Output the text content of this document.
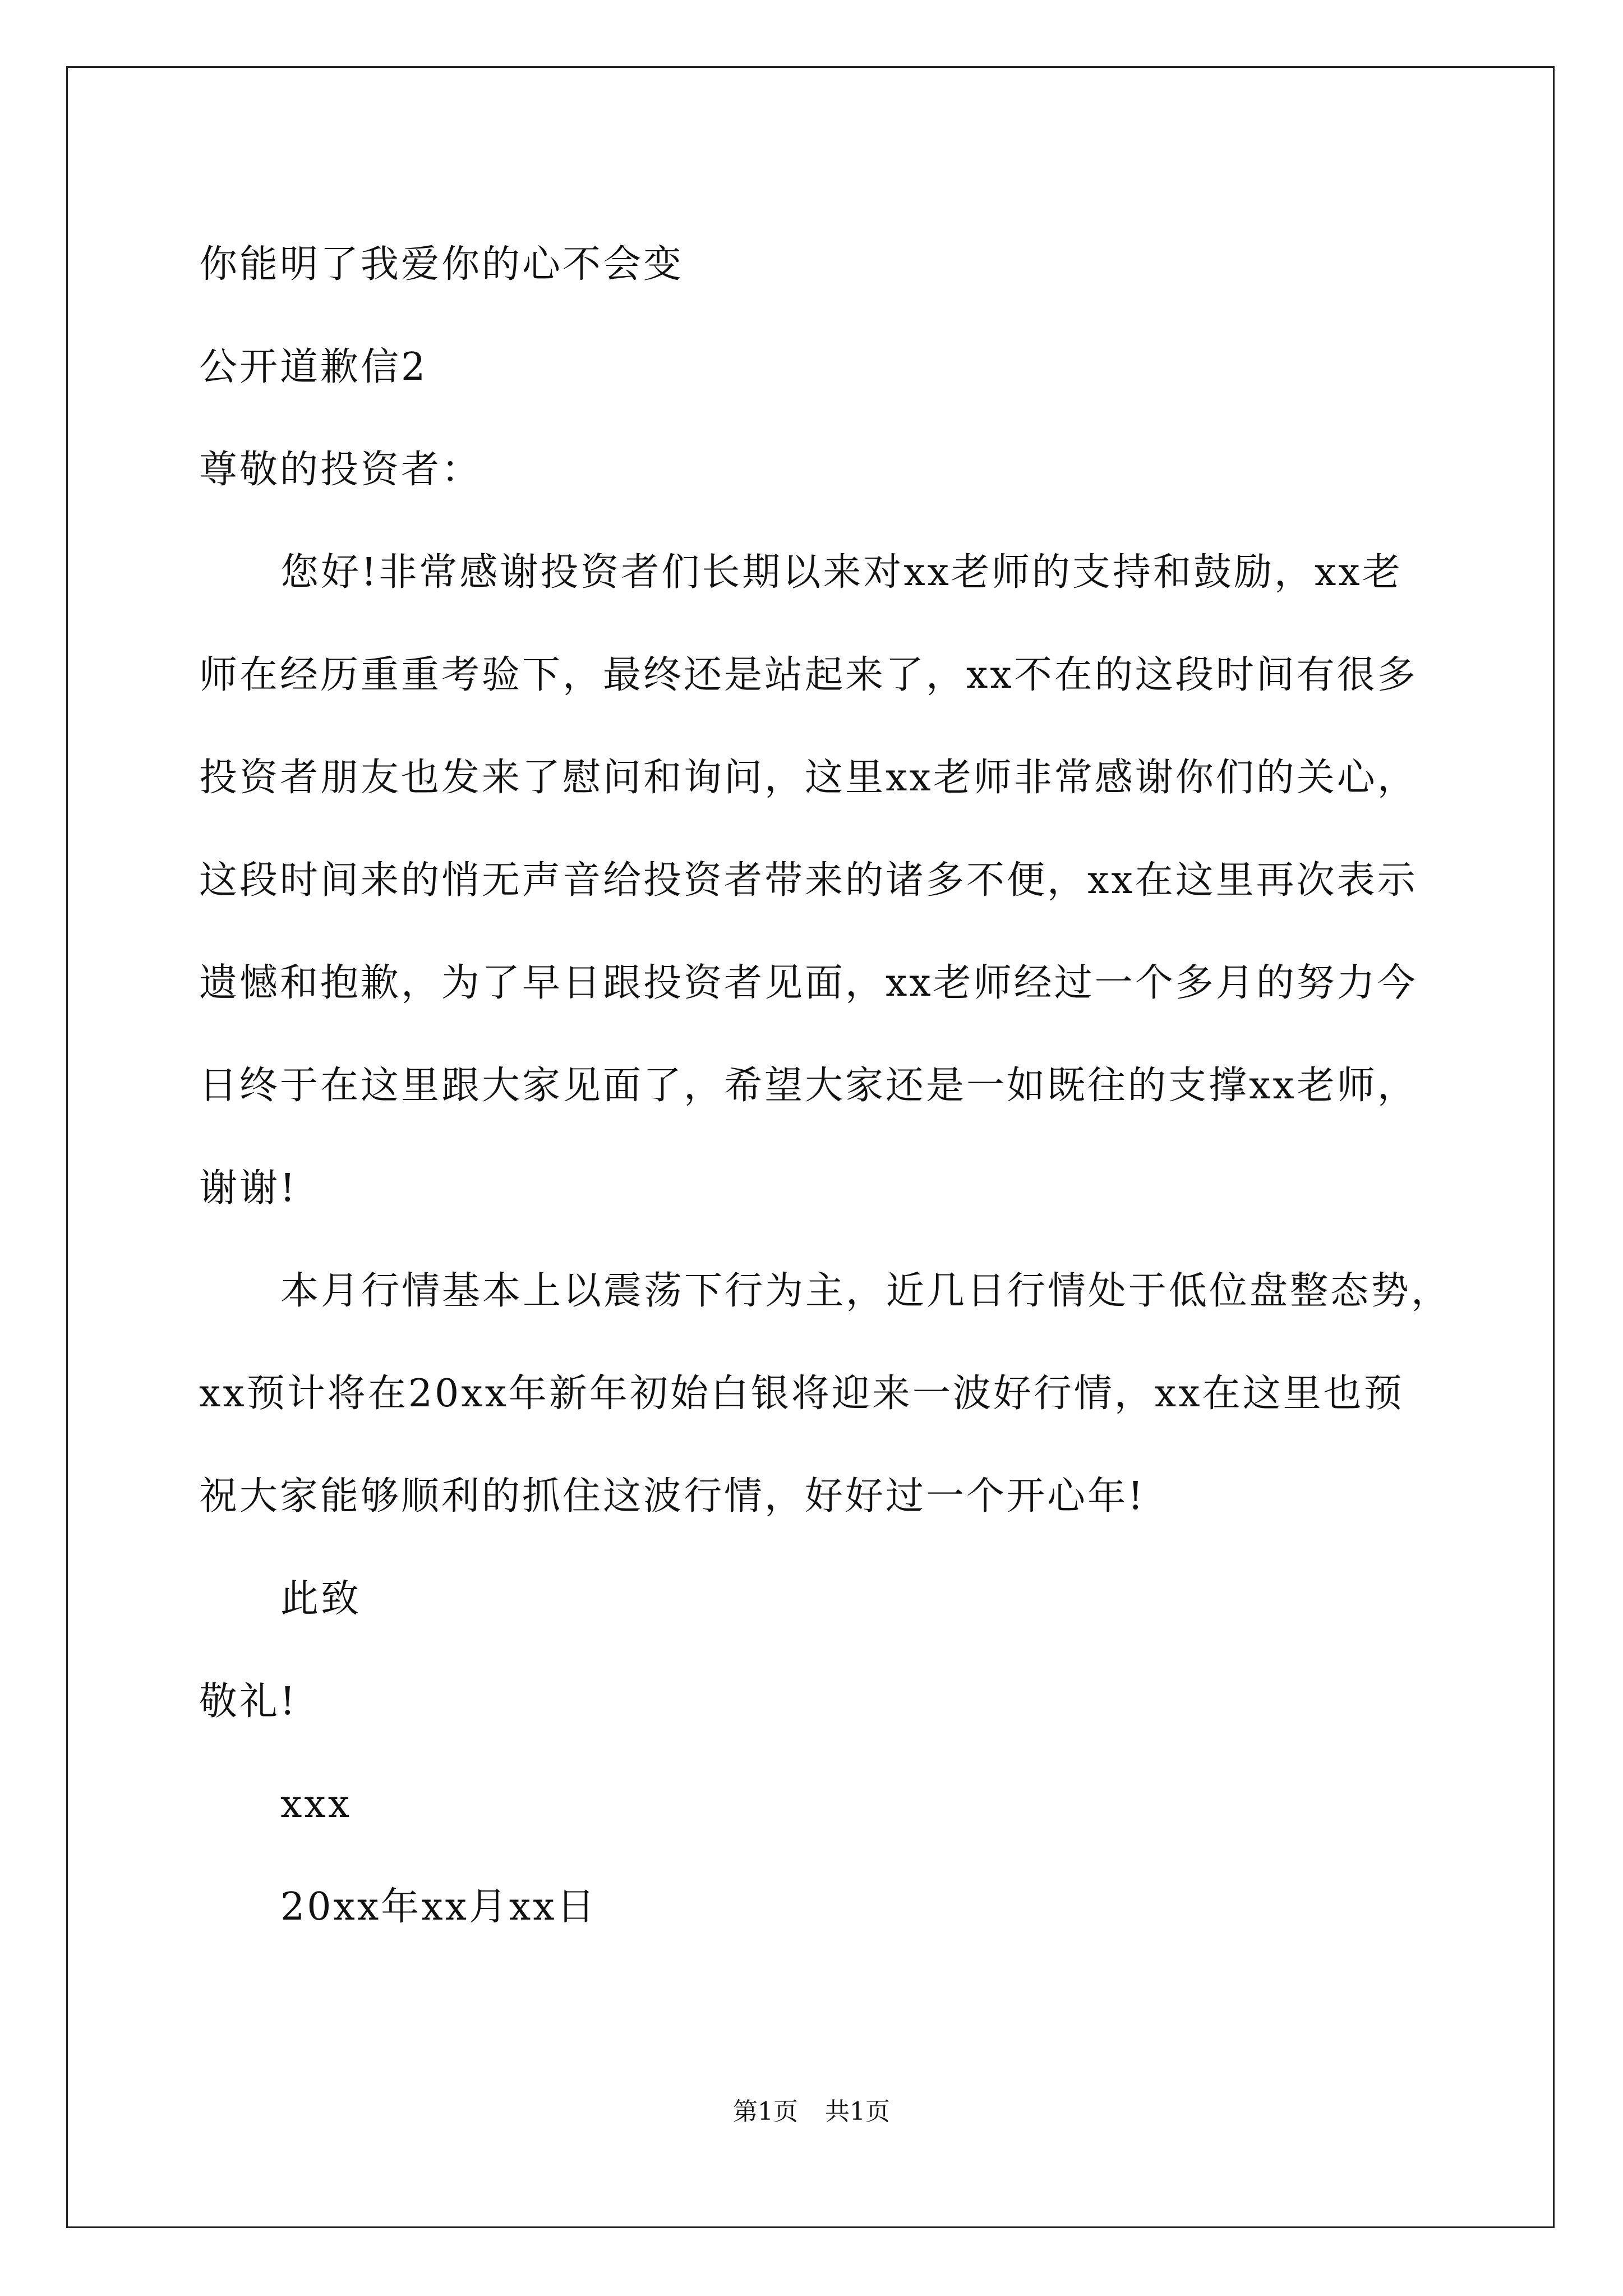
你能明了我爱你的心不会变
公开道歉信2
尊敬的投资者：
您好!非常感谢投资者们长期以来对xx老师的支持和鼓励，xx老
师在经历重重考验下，最终还是站起来了，xx不在的这段时间有很多
投资者朋友也发来了慰问和询问，这里xx老师非常感谢你们的关心，
这段时间来的悄无声音给投资者带来的诸多不便，xx在这里再次表示
遗憾和抱歉，为了早日跟投资者见面，xx老师经过一个多月的努力今
日终于在这里跟大家见面了，希望大家还是一如既往的支撑xx老师，
谢谢!
本月行情基本上以震荡下行为主，近几日行情处于低位盘整态势，
xx预计将在20xx年新年初始白银将迎来一波好行情，xx在这里也预
祝大家能够顺利的抓住这波行情，好好过一个开心年!
此致
敬礼!
xxx
20xx年xx月xx日
第1页 共1页
